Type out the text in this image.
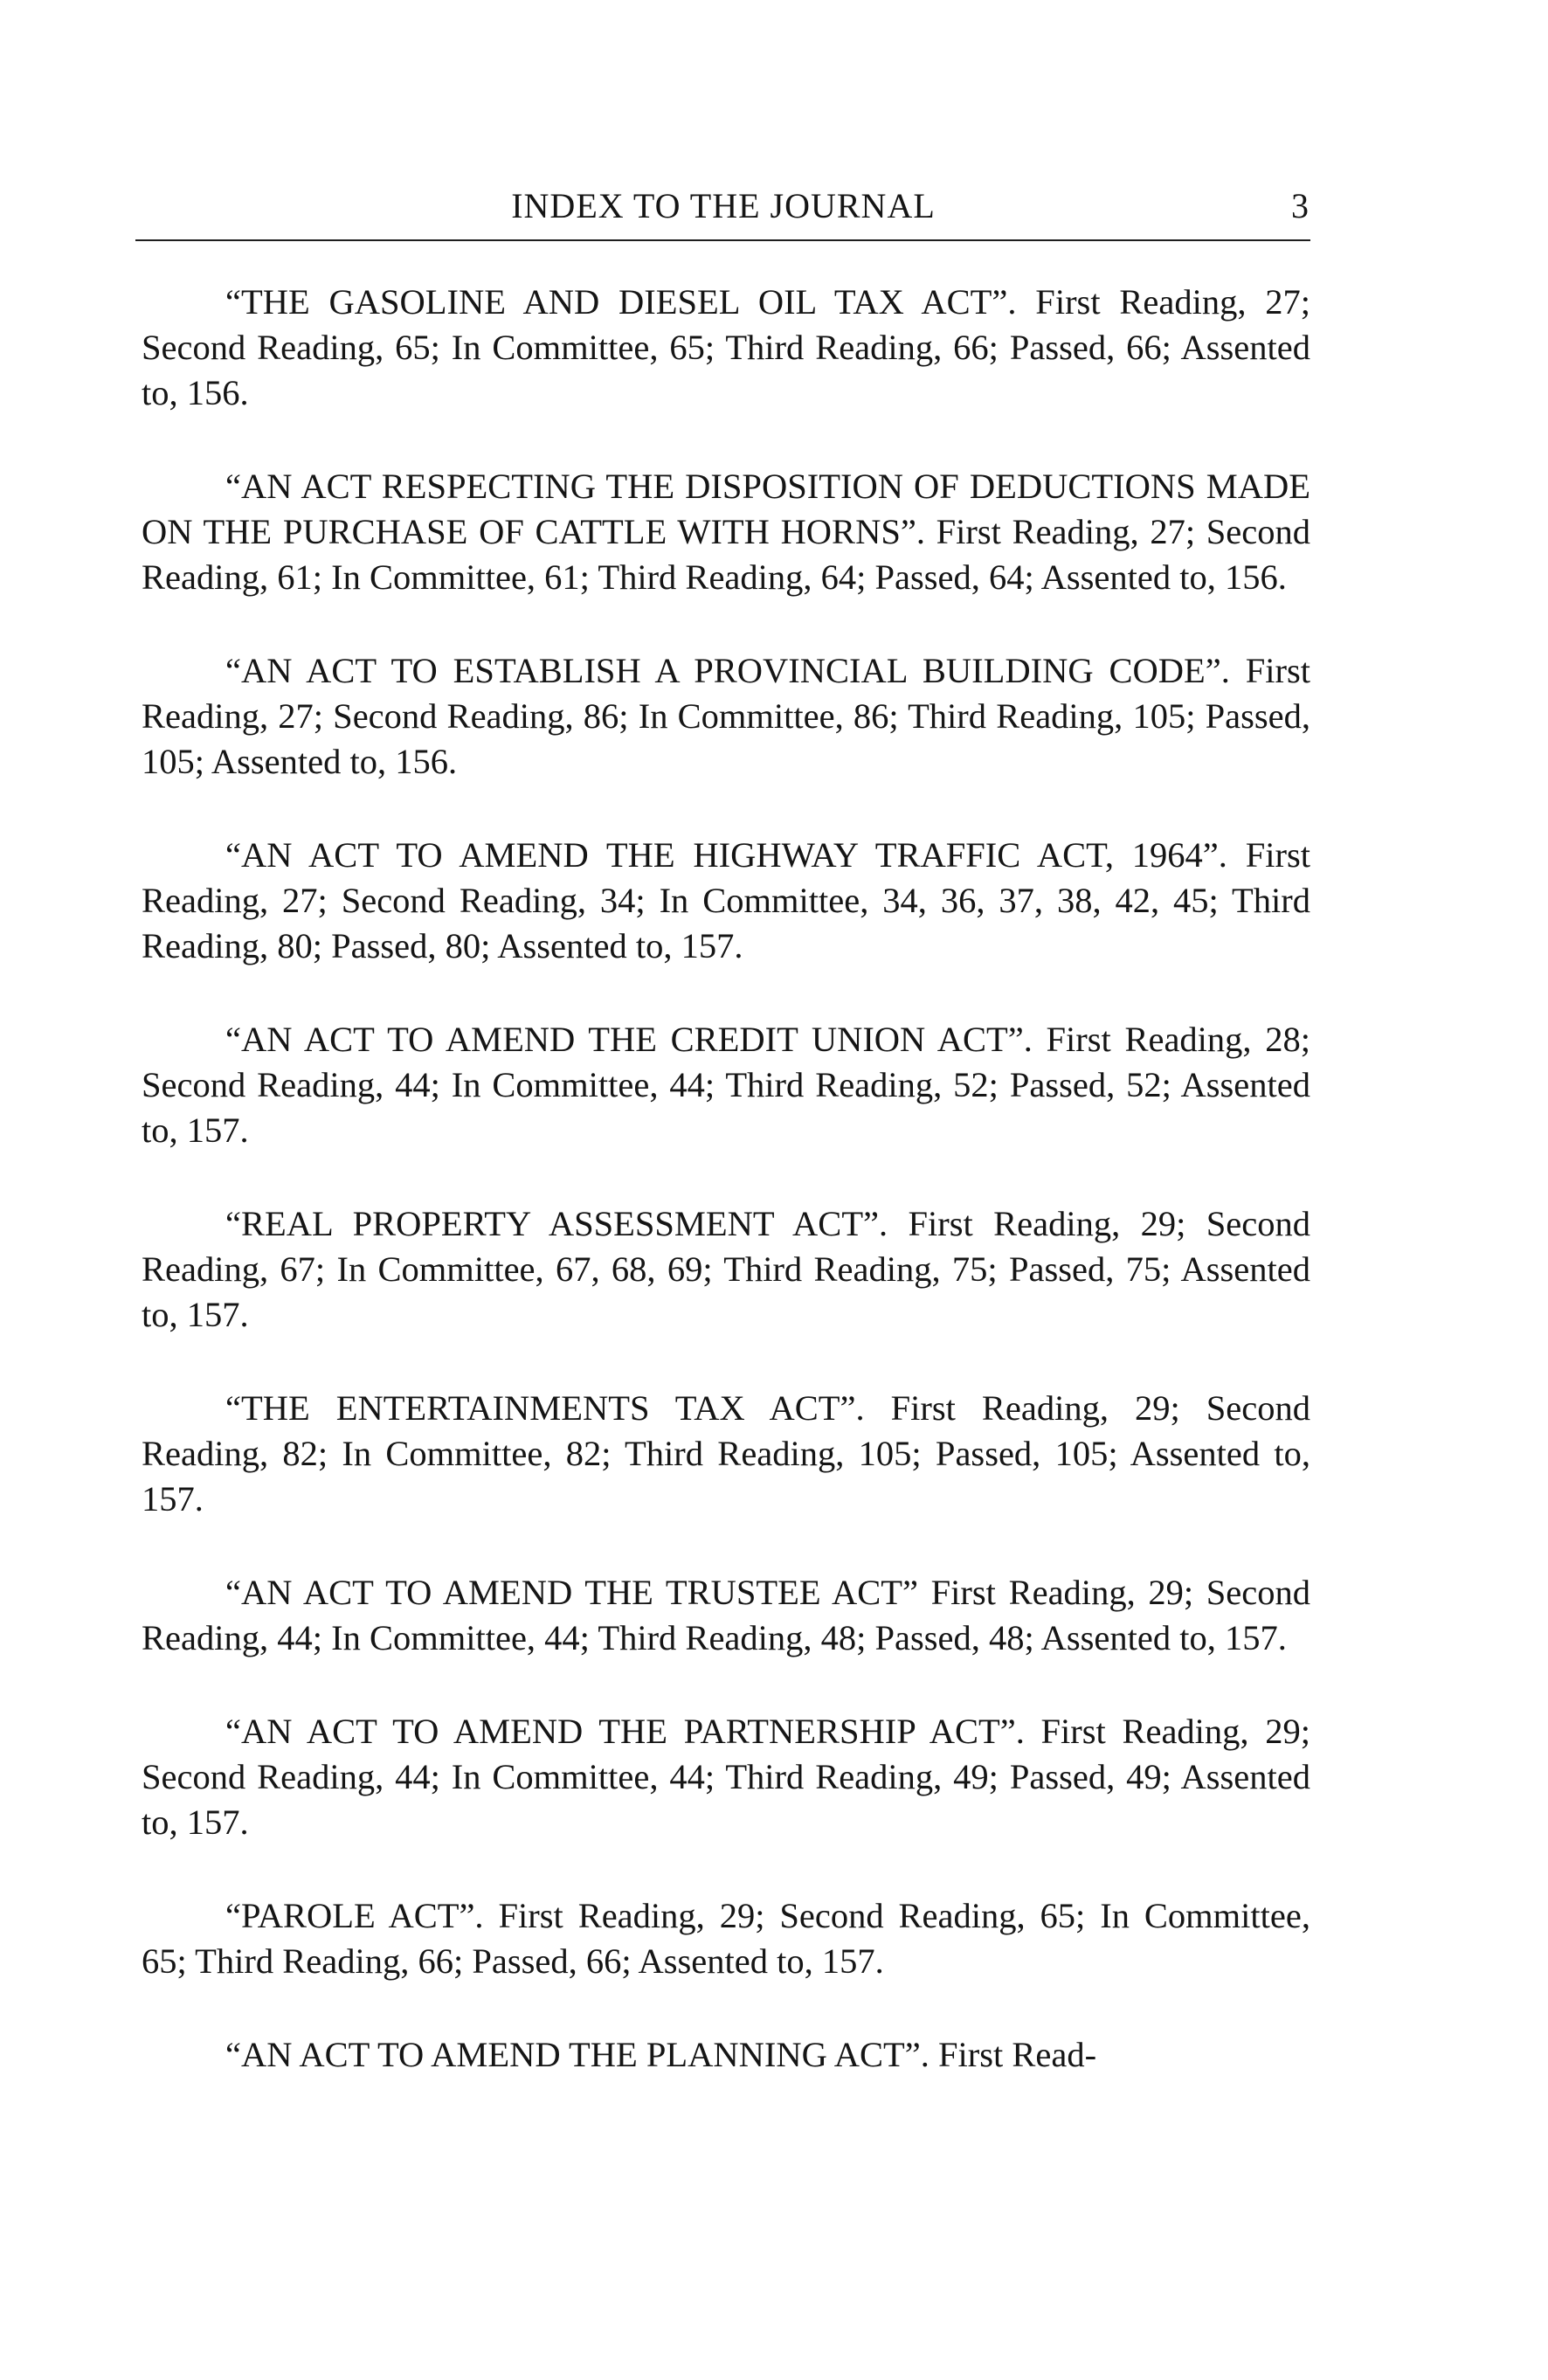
INDEX TO THE JOURNAL	3

“THE GASOLINE AND DIESEL OIL TAX ACT”. First Reading, 27; Second Reading, 65; In Committee, 65; Third Reading, 66; Passed, 66; Assented to, 156.

“AN ACT RESPECTING THE DISPOSITION OF DEDUCTIONS MADE ON THE PURCHASE OF CATTLE WITH HORNS”. First Reading, 27; Second Reading, 61; In Committee, 61; Third Reading, 64; Passed, 64; Assented to, 156.

“AN ACT TO ESTABLISH A PROVINCIAL BUILDING CODE”. First Reading, 27; Second Reading, 86; In Committee, 86; Third Reading, 105; Passed, 105; Assented to, 156.

“AN ACT TO AMEND THE HIGHWAY TRAFFIC ACT, 1964”. First Reading, 27; Second Reading, 34; In Committee, 34, 36, 37, 38, 42, 45; Third Reading, 80; Passed, 80; Assented to, 157.

“AN ACT TO AMEND THE CREDIT UNION ACT”. First Reading, 28; Second Reading, 44; In Committee, 44; Third Reading, 52; Passed, 52; Assented to, 157.

“REAL PROPERTY ASSESSMENT ACT”. First Reading, 29; Second Reading, 67; In Committee, 67, 68, 69; Third Reading, 75; Passed, 75; Assented to, 157.

“THE ENTERTAINMENTS TAX ACT”. First Reading, 29; Second Reading, 82; In Committee, 82; Third Reading, 105; Passed, 105; Assented to, 157.

“AN ACT TO AMEND THE TRUSTEE ACT” First Reading, 29; Second Reading, 44; In Committee, 44; Third Reading, 48; Passed, 48; Assented to, 157.

“AN ACT TO AMEND THE PARTNERSHIP ACT”. First Reading, 29; Second Reading, 44; In Committee, 44; Third Reading, 49; Passed, 49; Assented to, 157.

“PAROLE ACT”. First Reading, 29; Second Reading, 65; In Committee, 65; Third Reading, 66; Passed, 66; Assented to, 157.

“AN ACT TO AMEND THE PLANNING ACT”. First Read-
